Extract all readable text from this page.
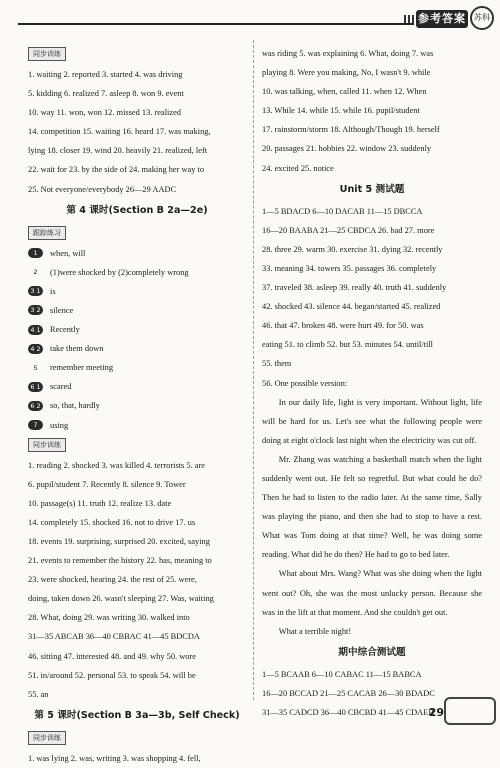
参考答案	苏科
同步训练
1. waiting 2. reported 3. started 4. was driving
5. kidding 6. realized 7. asleep 8. won 9. event
10. way 11. won, won 12. missed 13. realized
14. competition 15. waiting 16. heard 17. was making,
lying 18. closer 19. wind 20. heavily 21. realized, left
22. wait for 23. by the side of 24. making her way to
25. Not everyone/everybody 26—29 AADC
第 4 课时(Section B 2a—2e)
跟踪练习
1	when, will
2	(1)were shocked by (2)completely wrong
3 1 is
3 2 silence
4 1 Recently
4 2 take them down
5	remember meeting
6 1 scared
6 2 so, that, hardly
7	using
同步训练
1. reading 2. shocked 3. was killed 4. terrorists 5. are
6. pupil/student 7. Recently 8. silence 9. Tower
10. passage(s) 11. truth 12. realize 13. date
14. completely 15. shocked 16. not to drive 17. us
18. events 19. surprising, surprised 20. excited, saying
21. events to remember the history 22. has, meaning to
23. were shocked, hearing 24. the rest of 25. were,
doing, taken down 26. wasn't sleeping 27. Was, waiting
28. What, doing 29. was writing 30. walked into
31—35 ABCAB 36—40 CBBAC 41—45 BDCDA
46. sitting 47. interested 48. and 49. why 50. wore
51. in/around 52. personal 53. to speak 54. will be
55. an
第 5 课时(Section B 3a—3b, Self Check)
同步训练
1. was lying 2. was, writing 3. was shopping 4. fell,
was riding 5. was explaining 6. What, doing 7. was
playing 8. Were you making, No, I wasn't 9. while
10. was talking, when, called 11. when 12. When
13. While 14. while 15. while 16. pupil/student
17. rainstorm/storm 18. Although/Though 19. herself
20. passages 21. hobbies 22. window 23. suddenly
24. excited 25. notice
Unit 5 测试题
1—5 BDACD 6—10 DACAB 11—15 DBCCA
16—20 BAABA 21—25 CBDCA 26. bad 27. more
28. three 29. warm 30. exercise 31. dying 32. recently
33. meaning 34. towers 35. passages 36. completely
37. traveled 38. asleep 39. really 40. truth 41. suddenly
42. shocked 43. silence 44. began/started 45. realized
46. that 47. broken 48. were hurt 49. for 50. was
eating 51. to climb 52. but 53. minutes 54. until/till
55. them
56. One possible version:

In our daily life, light is very important. Without light, life will be hard for us. Let's see what the following people were doing at eight o'clock last night when the electricity was cut off.

Mr. Zhang was watching a basketball match when the light suddenly went out. He felt so regretful. But what could he do? Then he had to listen to the radio later. At the same time, Sally was playing the piano, and then she had to stop to have a rest. What was Tom doing at that time? Well, he was doing some reading. What did he do then? He had to go to bed later.

What about Mrs. Wang? What was she doing when the light went out? Oh, she was the most unlucky person. Because she was in the lift at that moment. And she couldn't get out.

What a terrible night!

期中综合测试题
1—5 BCAAB 6—10 CABAC 11—15 BABCA
16—20 BCCAD 21—25 CACAB 26—30 BDADC
31—35 CADCD 36—40 CBCBD 41—45 CDAEB
29
